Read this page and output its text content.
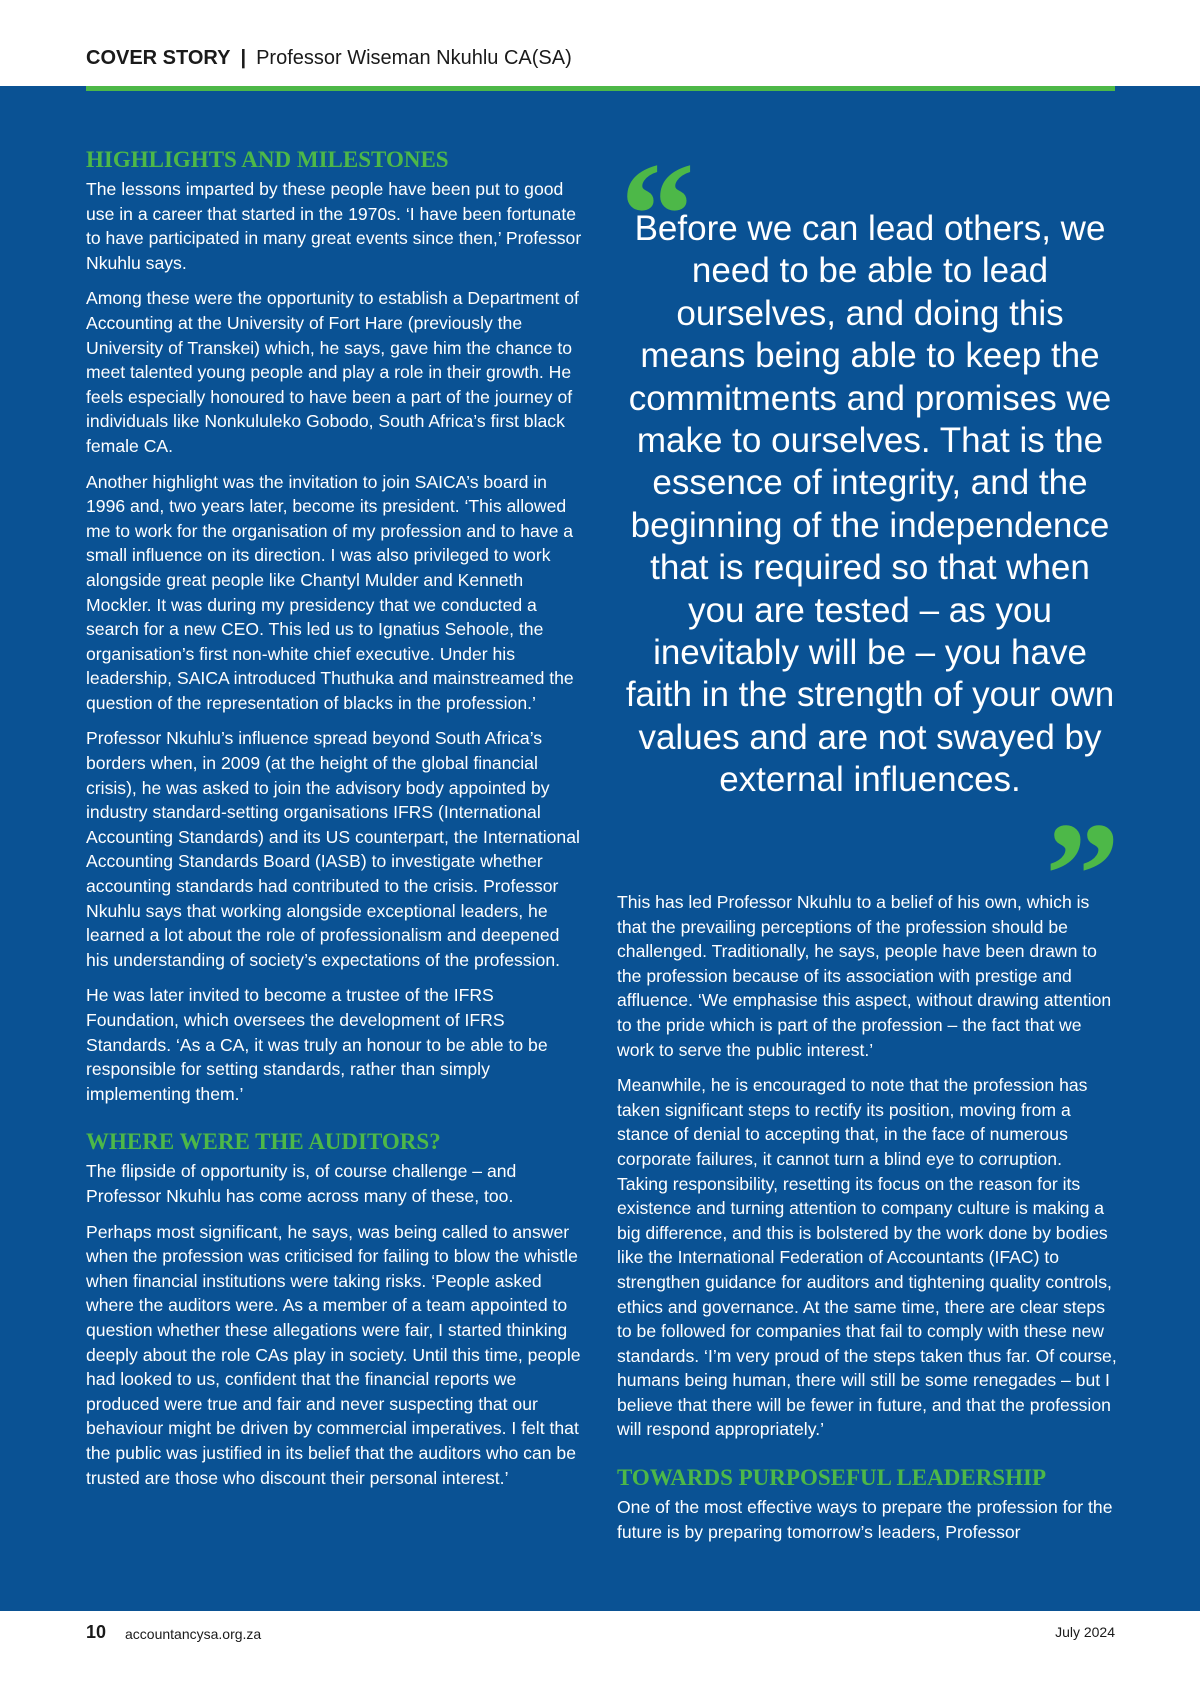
COVER STORY | Professor Wiseman Nkuhlu CA(SA)
HIGHLIGHTS AND MILESTONES

The lessons imparted by these people have been put to good use in a career that started in the 1970s. ‘I have been fortunate to have participated in many great events since then,’ Professor Nkuhlu says.

Among these were the opportunity to establish a Department of Accounting at the University of Fort Hare (previously the University of Transkei) which, he says, gave him the chance to meet talented young people and play a role in their growth. He feels especially honoured to have been a part of the journey of individuals like Nonkululeko Gobodo, South Africa’s first black female CA.

Another highlight was the invitation to join SAICA’s board in 1996 and, two years later, become its president. ‘This allowed me to work for the organisation of my profession and to have a small influence on its direction. I was also privileged to work alongside great people like Chantyl Mulder and Kenneth Mockler. It was during my presidency that we conducted a search for a new CEO. This led us to Ignatius Sehoole, the organisation’s first non-white chief executive. Under his leadership, SAICA introduced Thuthuka and mainstreamed the question of the representation of blacks in the profession.’

Professor Nkuhlu’s influence spread beyond South Africa’s borders when, in 2009 (at the height of the global financial crisis), he was asked to join the advisory body appointed by industry standard-setting organisations IFRS (International Accounting Standards) and its US counterpart, the International Accounting Standards Board (IASB) to investigate whether accounting standards had contributed to the crisis. Professor Nkuhlu says that working alongside exceptional leaders, he learned a lot about the role of professionalism and deepened his understanding of society’s expectations of the profession.

He was later invited to become a trustee of the IFRS Foundation, which oversees the development of IFRS Standards. ‘As a CA, it was truly an honour to be able to be responsible for setting standards, rather than simply implementing them.’

WHERE WERE THE AUDITORS?

The flipside of opportunity is, of course challenge – and Professor Nkuhlu has come across many of these, too.

Perhaps most significant, he says, was being called to answer when the profession was criticised for failing to blow the whistle when financial institutions were taking risks. ‘People asked where the auditors were. As a member of a team appointed to question whether these allegations were fair, I started thinking deeply about the role CAs play in society. Until this time, people had looked to us, confident that the financial reports we produced were true and fair and never suspecting that our behaviour might be driven by commercial imperatives. I felt that the public was justified in its belief that the auditors who can be trusted are those who discount their personal interest.’

“
Before we can lead others, we need to be able to lead ourselves, and doing this means being able to keep the commitments and promises we make to ourselves. That is the essence of integrity, and the beginning of the independence that is required so that when you are tested – as you inevitably will be – you have faith in the strength of your own values and are not swayed by external influences.
”

This has led Professor Nkuhlu to a belief of his own, which is that the prevailing perceptions of the profession should be challenged. Traditionally, he says, people have been drawn to the profession because of its association with prestige and affluence. ‘We emphasise this aspect, without drawing attention to the pride which is part of the profession – the fact that we work to serve the public interest.’

Meanwhile, he is encouraged to note that the profession has taken significant steps to rectify its position, moving from a stance of denial to accepting that, in the face of numerous corporate failures, it cannot turn a blind eye to corruption. Taking responsibility, resetting its focus on the reason for its existence and turning attention to company culture is making a big difference, and this is bolstered by the work done by bodies like the International Federation of Accountants (IFAC) to strengthen guidance for auditors and tightening quality controls, ethics and governance. At the same time, there are clear steps to be followed for companies that fail to comply with these new standards. ‘I’m very proud of the steps taken thus far. Of course, humans being human, there will still be some renegades – but I believe that there will be fewer in future, and that the profession will respond appropriately.’

TOWARDS PURPOSEFUL LEADERSHIP

One of the most effective ways to prepare the profession for the future is by preparing tomorrow’s leaders, Professor

10 accountancysa.org.za	July 2024
